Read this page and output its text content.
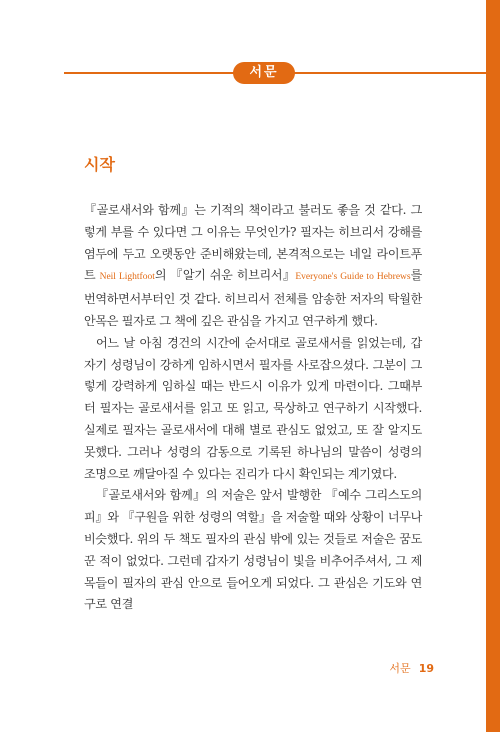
서문
시작

『골로새서와 함께』는 기적의 책이라고 불러도 좋을 것 같다. 그렇게 부를 수 있다면 그 이유는 무엇인가? 필자는 히브리서 강해를 염두에 두고 오랫동안 준비해왔는데, 본격적으로는 네일 라이트푸트 Neil Lightfoot의 『알기 쉬운 히브리서』Everyone's Guide to Hebrews를 번역하면서부터인 것 같다. 히브리서 전체를 암송한 저자의 탁월한 안목은 필자로 그 책에 깊은 관심을 가지고 연구하게 했다.

어느 날 아침 경건의 시간에 순서대로 골로새서를 읽었는데, 갑자기 성령님이 강하게 임하시면서 필자를 사로잡으셨다. 그분이 그렇게 강력하게 임하실 때는 반드시 이유가 있게 마련이다. 그때부터 필자는 골로새서를 읽고 또 읽고, 묵상하고 연구하기 시작했다. 실제로 필자는 골로새서에 대해 별로 관심도 없었고, 또 잘 알지도 못했다. 그러나 성령의 감동으로 기록된 하나님의 말씀이 성령의 조명으로 깨달아질 수 있다는 진리가 다시 확인되는 계기였다.

『골로새서와 함께』의 저술은 앞서 발행한 『예수 그리스도의 피』와 『구원을 위한 성령의 역할』을 저술할 때와 상황이 너무나 비슷했다. 위의 두 책도 필자의 관심 밖에 있는 것들로 저술은 꿈도 꾼 적이 없었다. 그런데 갑자기 성령님이 빛을 비추어주셔서, 그 제목들이 필자의 관심 안으로 들어오게 되었다. 그 관심은 기도와 연구로 연결

서문 19
